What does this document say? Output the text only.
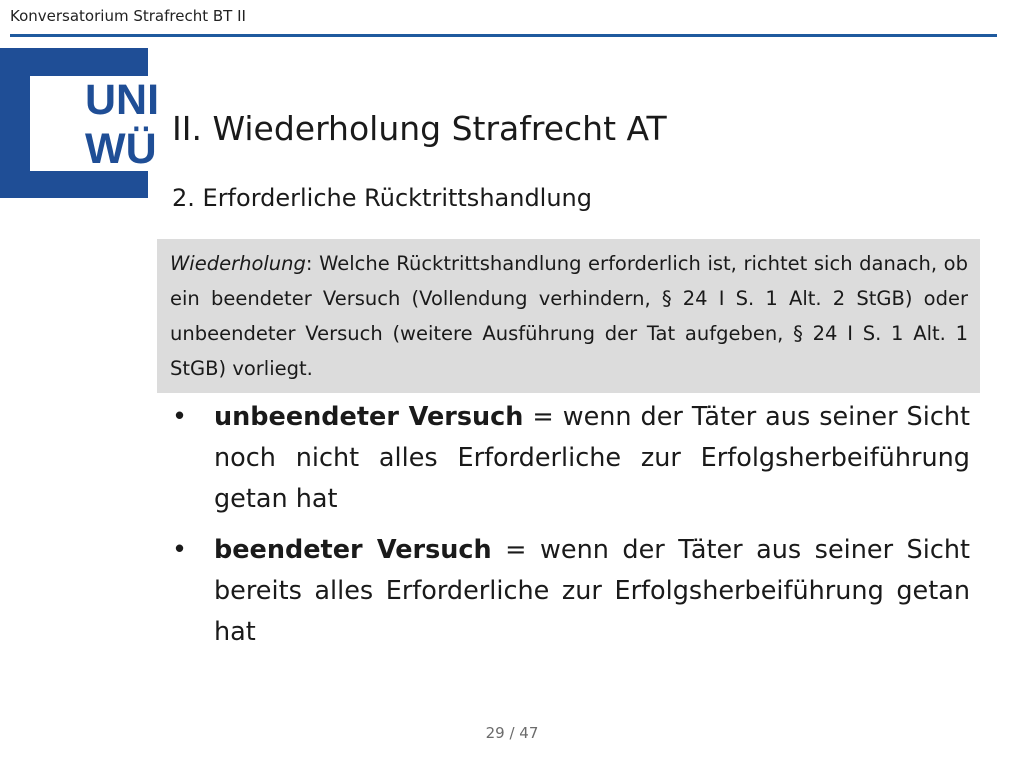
Konversatorium Strafrecht BT II
UNI
WÜ II. Wiederholung Strafrecht AT
2. Erforderliche Rücktrittshandlung
Wiederholung: Welche Rücktrittshandlung erforderlich ist, richtet sich danach, ob ein beendeter Versuch (Vollendung verhindern, § 24 I S. 1 Alt. 2 StGB) oder unbeendeter Versuch (weitere Ausführung der Tat aufgeben, § 24 I S. 1 Alt. 1 StGB) vorliegt.
• unbeendeter Versuch = wenn der Täter aus seiner Sicht noch nicht alles Erforderliche zur Erfolgsherbeiführung getan hat
• beendeter Versuch = wenn der Täter aus seiner Sicht bereits alles Erforderliche zur Erfolgsherbeiführung getan hat
29 / 47
